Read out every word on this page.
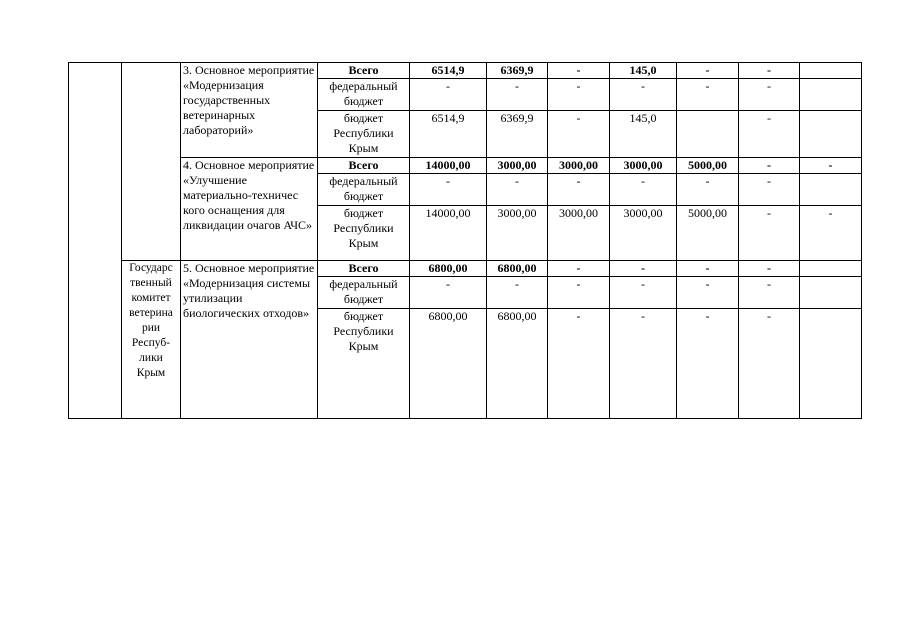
		3. Основное мероприятие «Модернизация государственных ветеринарных лабораторий»	Всего	6514,9	6369,9	-	145,0	-	-	
			федеральный бюджет	-	-	-	-	-	-	
			бюджет Республики Крым	6514,9	6369,9	-	145,0		-	
		4. Основное мероприятие «Улучшение материально-техничес кого оснащения для ликвидации очагов АЧС»	Всего	14000,00	3000,00	3000,00	3000,00	5000,00	-	-
			федеральный бюджет	-	-	-	-	-	-	
			бюджет Республики Крым	14000,00	3000,00	3000,00	3000,00	5000,00	-	-
	Государс твенный комитет ветерина рии Респуб- лики Крым	5. Основное мероприятие «Модернизация системы утилизации биологических отходов»	Всего	6800,00	6800,00	-	-	-	-	
			федеральный бюджет	-	-	-	-	-	-	
			бюджет Республики Крым	6800,00	6800,00	-	-	-	-	
